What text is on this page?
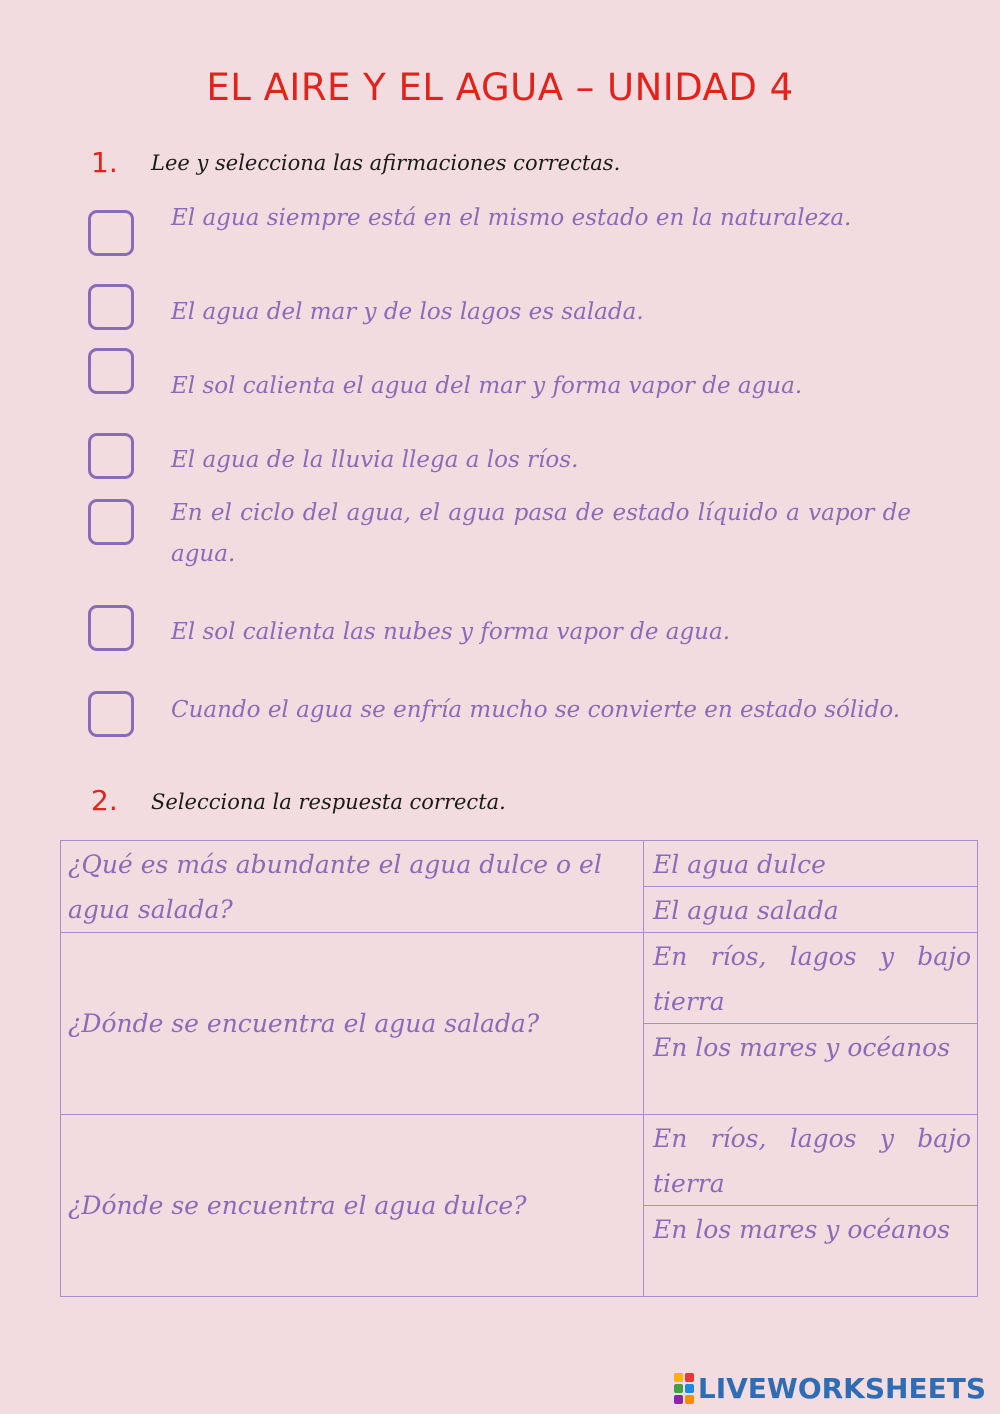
EL AIRE Y EL AGUA – UNIDAD 4
1. Lee y selecciona las afirmaciones correctas.
El agua siempre está en el mismo estado en la naturaleza.
El agua del mar y de los lagos es salada.
El sol calienta el agua del mar y forma vapor de agua.
El agua de la lluvia llega a los ríos.
En el ciclo del agua, el agua pasa de estado líquido a vapor de agua.
El sol calienta las nubes y forma vapor de agua.
Cuando el agua se enfría mucho se convierte en estado sólido.
2. Selecciona la respuesta correcta.
¿Qué es más abundante el agua dulce o el agua salada?
El agua dulce
El agua salada
¿Dónde se encuentra el agua salada?
En ríos, lagos y bajo tierra
En los mares y océanos
¿Dónde se encuentra el agua dulce?
En ríos, lagos y bajo tierra
En los mares y océanos
LIVEWORKSHEETS
